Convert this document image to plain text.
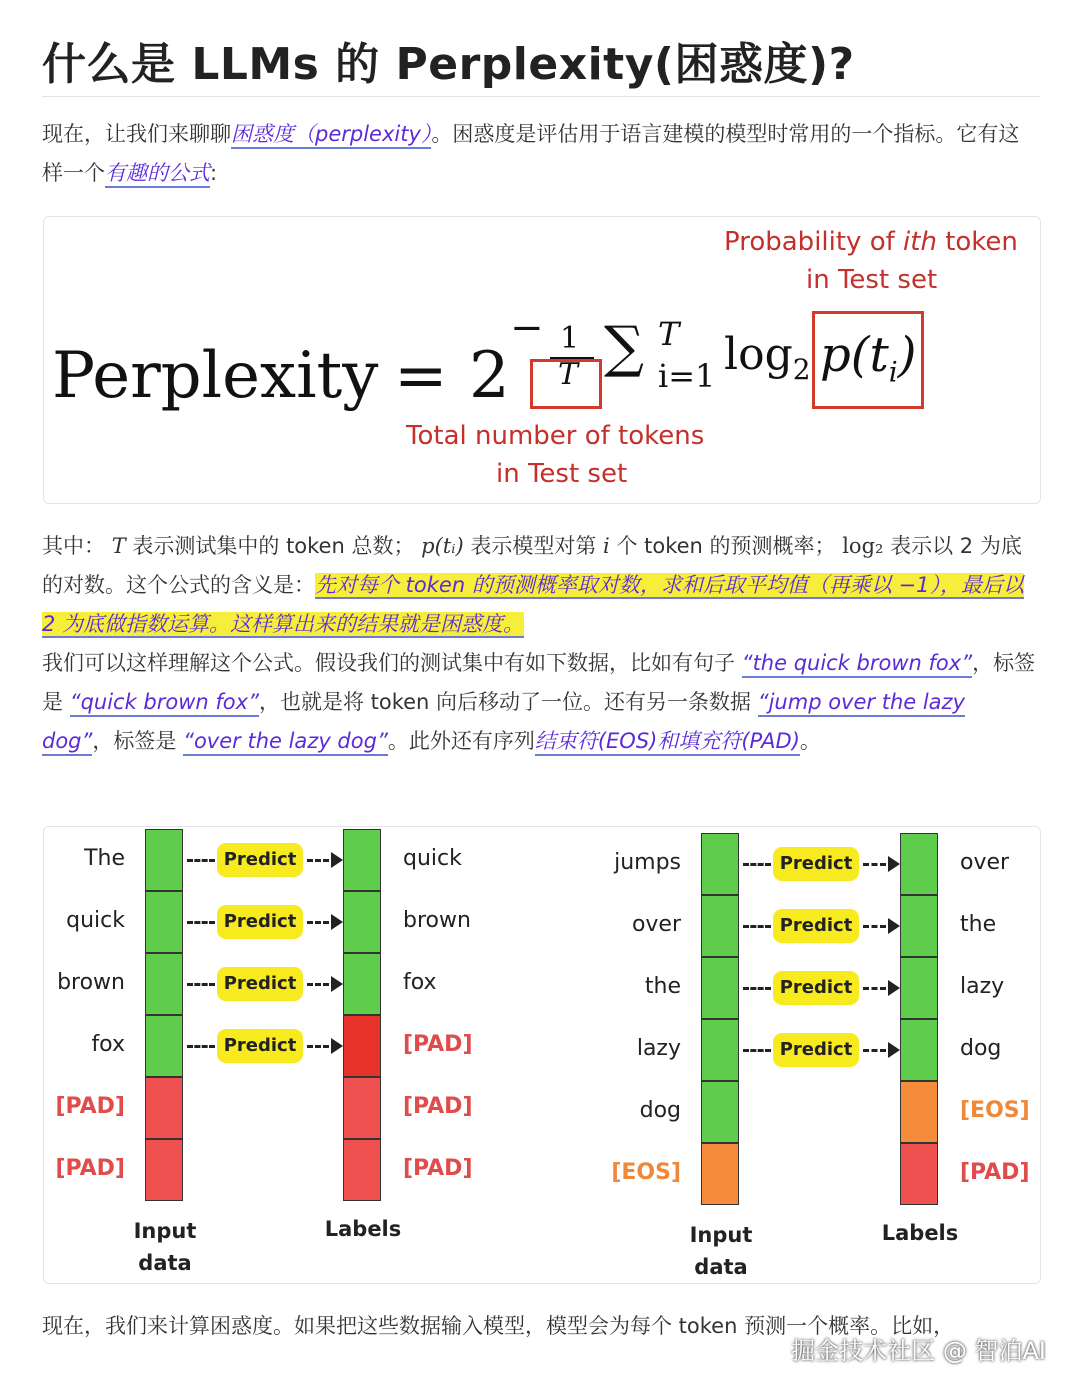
什么是 LLMs 的 Perplexity(困惑度)?
现在，让我们来聊聊困惑度（perplexity）。困惑度是评估用于语言建模的模型时常用的一个指标。它有这样一个有趣的公式:
Probability of ith token
in Test set
Perplexity = 2
− 1
T ∑ T
i=1 $\log_2 p(t_i)$
Total number of tokens
in Test set
其中： T 表示测试集中的 token 总数； p(tᵢ) 表示模型对第 i 个 token 的预测概率； log₂ 表示以 2 为底的对数。这个公式的含义是：先对每个 token 的预测概率取对数，求和后取平均值（再乘以 −1），最后以 2 为底做指数运算。这样算出来的结果就是困惑度。
我们可以这样理解这个公式。假设我们的测试集中有如下数据，比如有句子 “the quick brown fox”，标签是 “quick brown fox”，也就是将 token 向后移动了一位。还有另一条数据 “jump over the lazy dog”，标签是 “over the lazy dog”。此外还有序列结束符(EOS)和填充符(PAD)。
The
quick
brown
fox
[PAD]
[PAD]
quick
brown
fox
[PAD]
[PAD]
[PAD]
Predict
Predict
Predict
Predict
Input
data
Labels
jumps
over
the
lazy
dog
[EOS]
over
the
lazy
dog
[EOS]
[PAD]
Predict
Predict
Predict
Predict
Input
data
Labels
现在，我们来计算困惑度。如果把这些数据输入模型，模型会为每个 token 预测一个概率。比如，
掘金技术社区 @ 智泊AI
